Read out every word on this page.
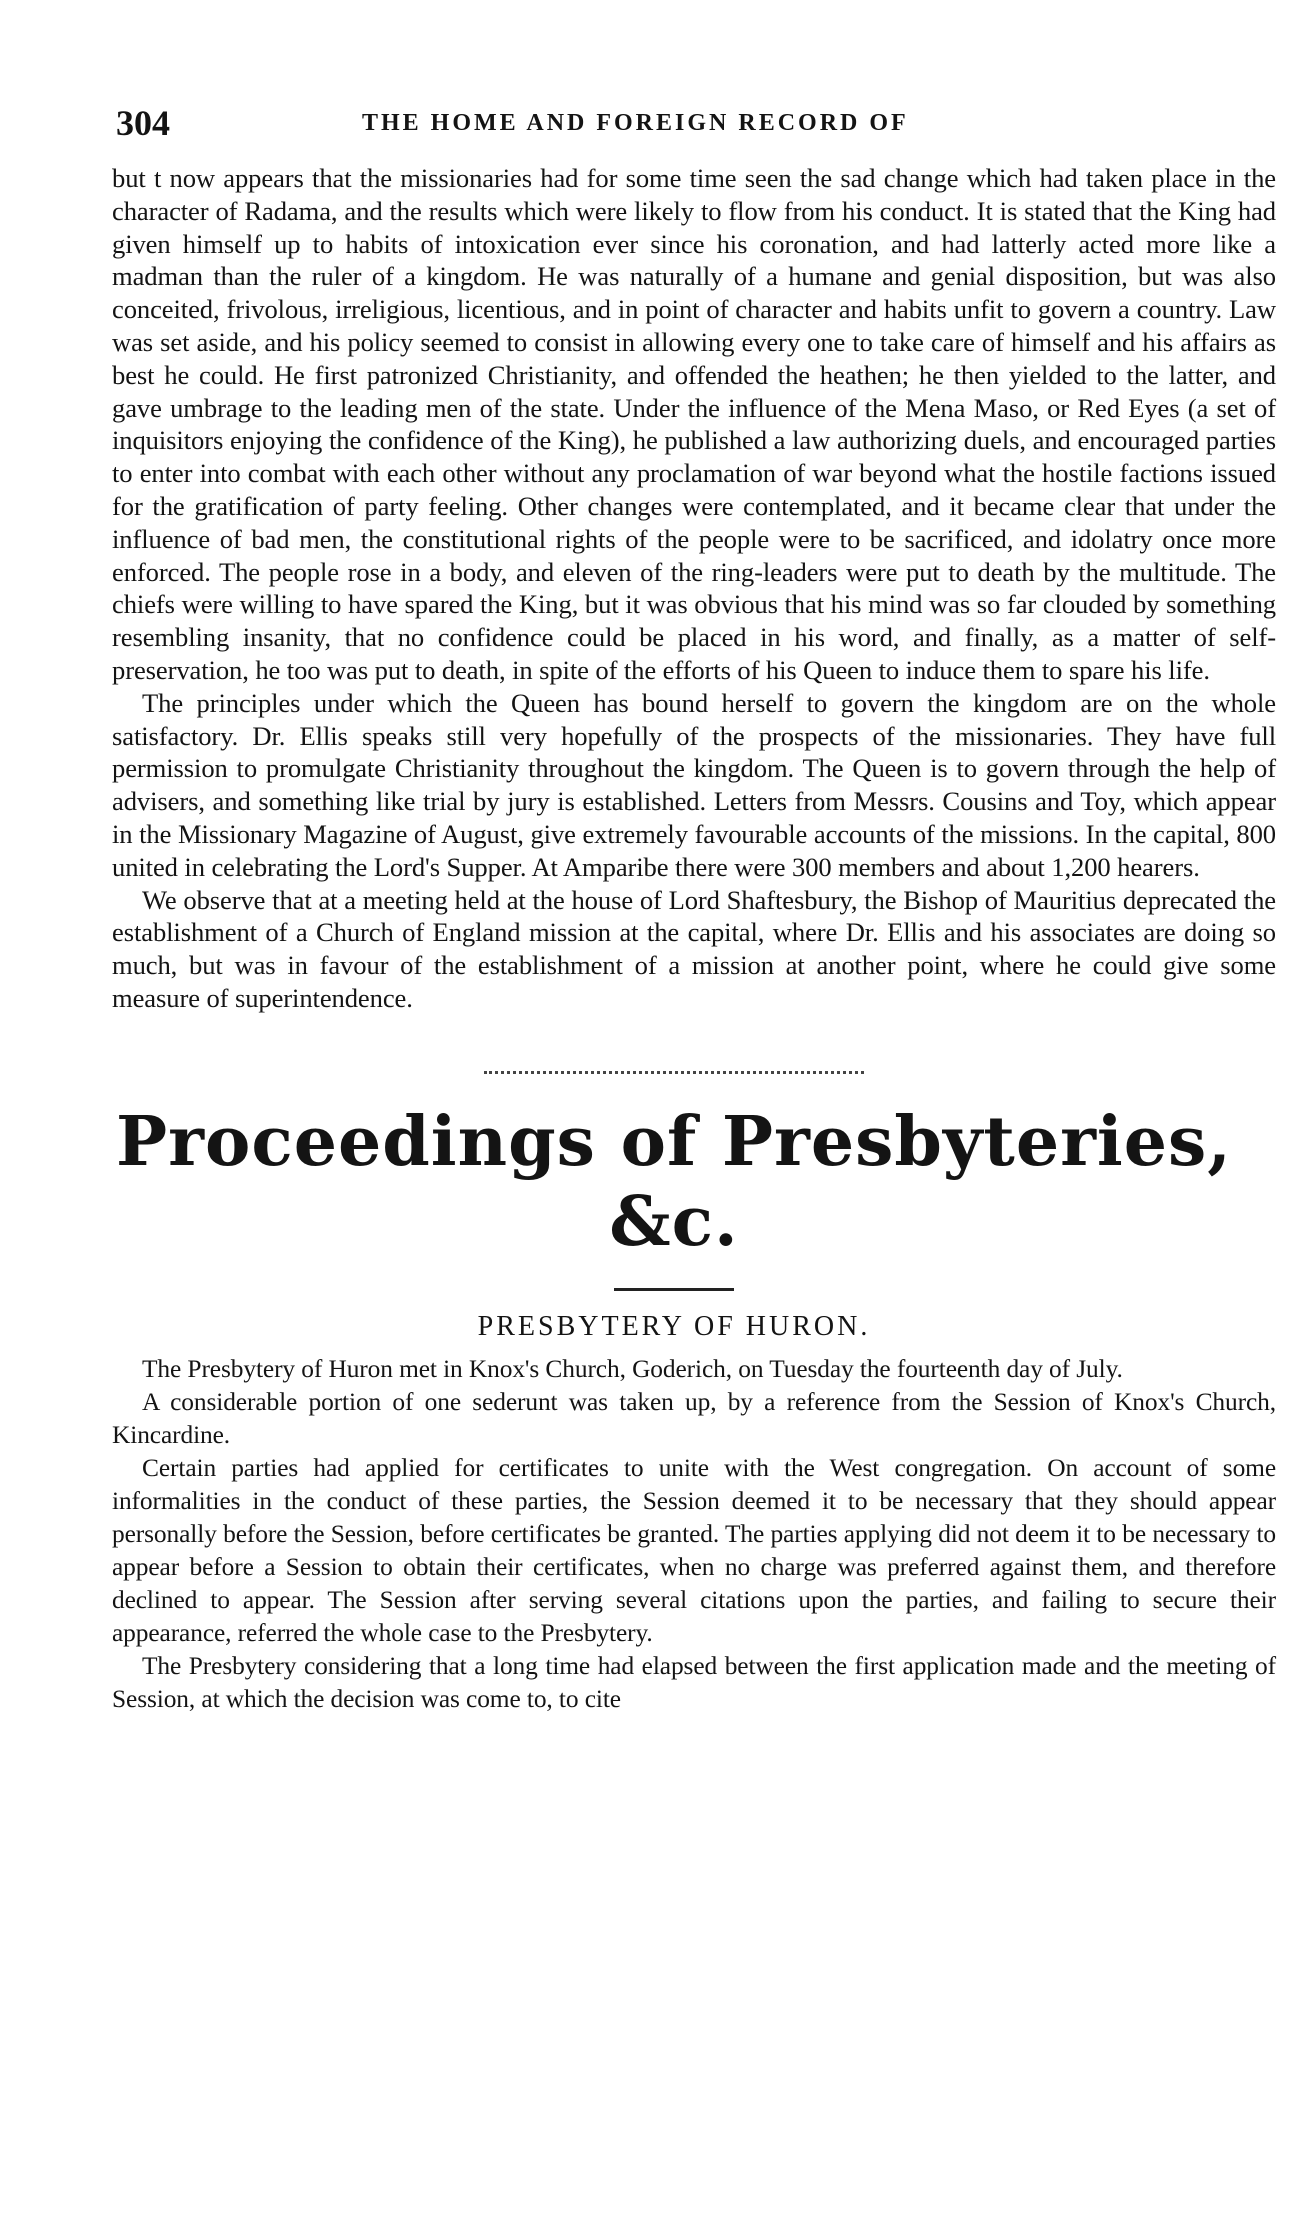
304	THE HOME AND FOREIGN RECORD OF

but t now appears that the missionaries had for some time seen the sad change which had taken place in the character of Radama, and the results which were likely to flow from his conduct. It is stated that the King had given himself up to habits of intoxication ever since his coronation, and had latterly acted more like a madman than the ruler of a kingdom. He was naturally of a humane and genial disposition, but was also conceited, frivolous, irreligious, licentious, and in point of character and habits unfit to govern a country. Law was set aside, and his policy seemed to consist in allowing every one to take care of himself and his affairs as best he could. He first patronized Christianity, and offended the heathen; he then yielded to the latter, and gave umbrage to the leading men of the state. Under the influence of the Mena Maso, or Red Eyes (a set of inquisitors enjoying the confidence of the King), he published a law authorizing duels, and encouraged parties to enter into combat with each other without any proclamation of war beyond what the hostile factions issued for the gratification of party feeling. Other changes were contemplated, and it became clear that under the influence of bad men, the constitutional rights of the people were to be sacrificed, and idolatry once more enforced. The people rose in a body, and eleven of the ring-leaders were put to death by the multitude. The chiefs were willing to have spared the King, but it was obvious that his mind was so far clouded by something resembling insanity, that no confidence could be placed in his word, and finally, as a matter of self-preservation, he too was put to death, in spite of the efforts of his Queen to induce them to spare his life.

The principles under which the Queen has bound herself to govern the kingdom are on the whole satisfactory. Dr. Ellis speaks still very hopefully of the prospects of the missionaries. They have full permission to promulgate Christianity throughout the kingdom. The Queen is to govern through the help of advisers, and something like trial by jury is established. Letters from Messrs. Cousins and Toy, which appear in the Missionary Magazine of August, give extremely favourable accounts of the missions. In the capital, 800 united in celebrating the Lord's Supper. At Amparibe there were 300 members and about 1,200 hearers.

We observe that at a meeting held at the house of Lord Shaftesbury, the Bishop of Mauritius deprecated the establishment of a Church of England mission at the capital, where Dr. Ellis and his associates are doing so much, but was in favour of the establishment of a mission at another point, where he could give some measure of superintendence.

Proceedings of Presbyteries, &c.
PRESBYTERY OF HURON.

The Presbytery of Huron met in Knox's Church, Goderich, on Tuesday the fourteenth day of July.

A considerable portion of one sederunt was taken up, by a reference from the Session of Knox's Church, Kincardine.

Certain parties had applied for certificates to unite with the West congregation. On account of some informalities in the conduct of these parties, the Session deemed it to be necessary that they should appear personally before the Session, before certificates be granted. The parties applying did not deem it to be necessary to appear before a Session to obtain their certificates, when no charge was preferred against them, and therefore declined to appear. The Session after serving several citations upon the parties, and failing to secure their appearance, referred the whole case to the Presbytery.

The Presbytery considering that a long time had elapsed between the first application made and the meeting of Session, at which the decision was come to, to cite
